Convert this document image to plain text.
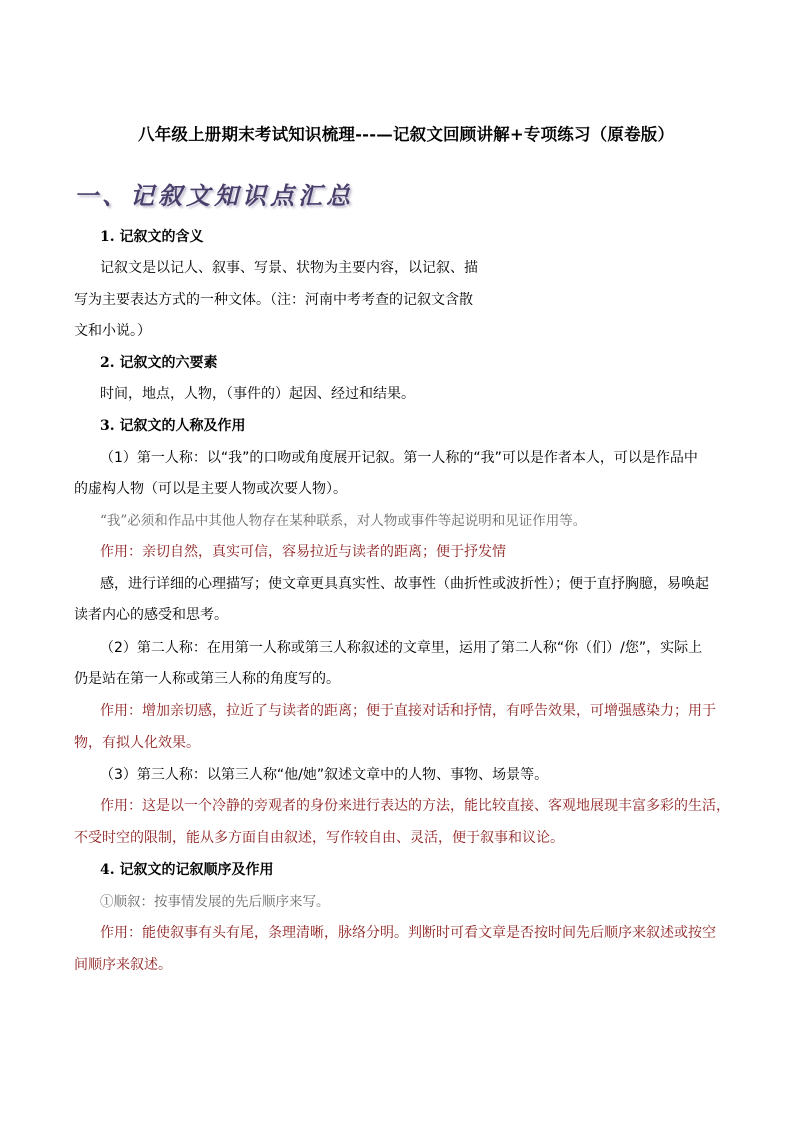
八年级上册期末考试知识梳理---—记叙文回顾讲解+专项练习（原卷版）
一、记叙文知识点汇总
1. 记叙文的含义
记叙文是以记人、叙事、写景、状物为主要内容，以记叙、描
写为主要表达方式的一种文体。（注：河南中考考查的记叙文含散
文和小说。）
2. 记叙文的六要素
时间，地点，人物，（事件的）起因、经过和结果。
3. 记叙文的人称及作用
（1）第一人称：以“我”的口吻或角度展开记叙。第一人称的“我”可以是作者本人，可以是作品中
的虚构人物（可以是主要人物或次要人物）。
“我”必须和作品中其他人物存在某种联系，对人物或事件等起说明和见证作用等。
作用：亲切自然，真实可信，容易拉近与读者的距离；便于抒发情
感，进行详细的心理描写；使文章更具真实性、故事性（曲折性或波折性）；便于直抒胸臆，易唤起
读者内心的感受和思考。
（2）第二人称：在用第一人称或第三人称叙述的文章里，运用了第二人称“你（们）/您”，实际上
仍是站在第一人称或第三人称的角度写的。
作用：增加亲切感，拉近了与读者的距离；便于直接对话和抒情，有呼告效果，可增强感染力；用于
物，有拟人化效果。
（3）第三人称：以第三人称“他/她”叙述文章中的人物、事物、场景等。
作用：这是以一个冷静的旁观者的身份来进行表达的方法，能比较直接、客观地展现丰富多彩的生活，
不受时空的限制，能从多方面自由叙述，写作较自由、灵活，便于叙事和议论。
4. 记叙文的记叙顺序及作用
①顺叙：按事情发展的先后顺序来写。
作用：能使叙事有头有尾，条理清晰，脉络分明。判断时可看文章是否按时间先后顺序来叙述或按空
间顺序来叙述。
